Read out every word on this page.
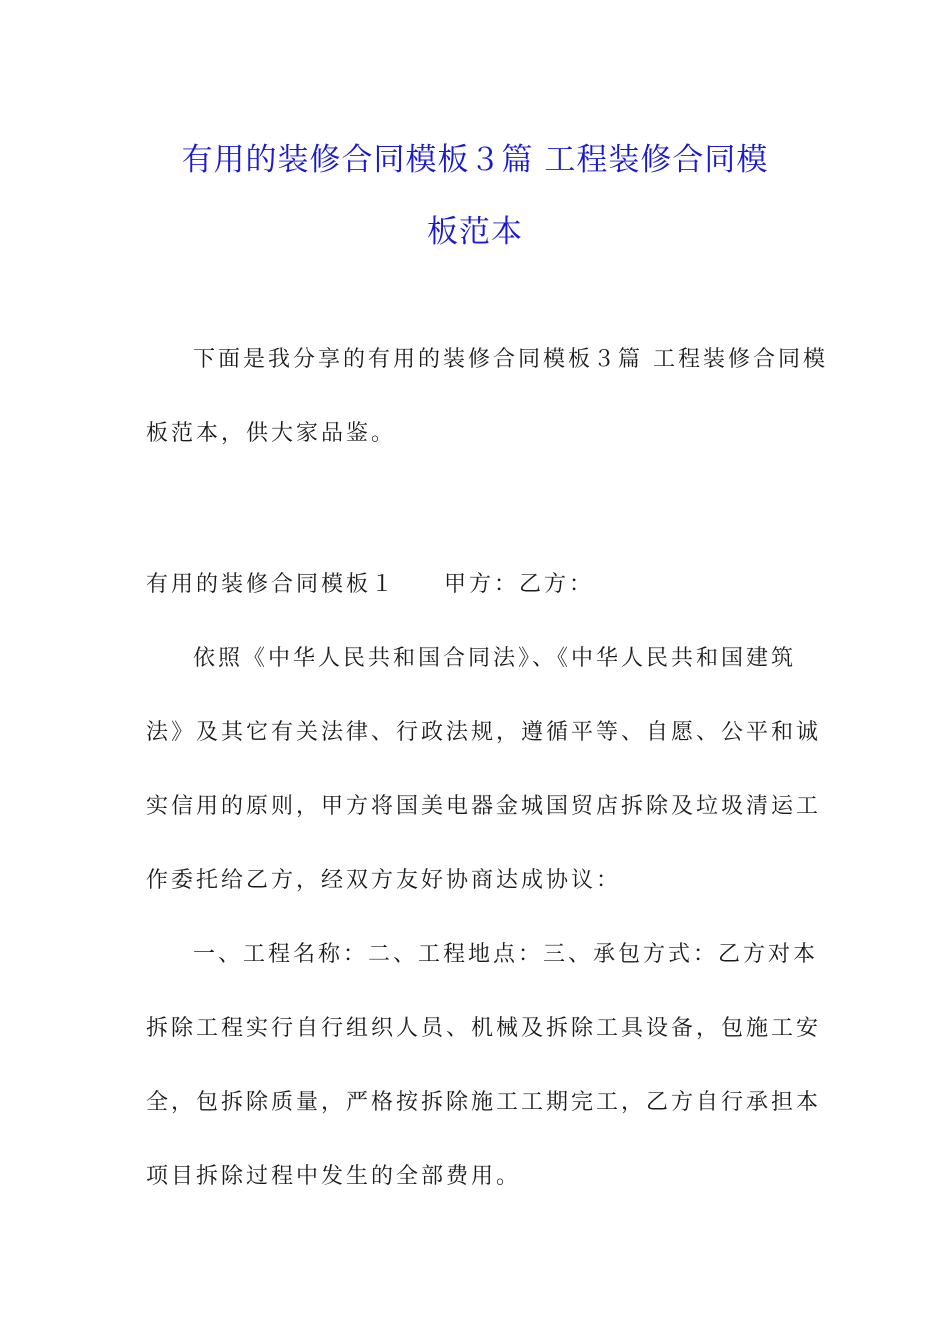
有用的装修合同模板３篇 工程装修合同模
板范本
下面是我分享的有用的装修合同模板３篇 工程装修合同模
板范本，供大家品鉴。
有用的装修合同模板１ 甲方：乙方：
依照《中华人民共和国合同法》、《中华人民共和国建筑
法》及其它有关法律、行政法规，遵循平等、自愿、公平和诚
实信用的原则，甲方将国美电器金城国贸店拆除及垃圾清运工
作委托给乙方，经双方友好协商达成协议：
一、工程名称：二、工程地点：三、承包方式：乙方对本
拆除工程实行自行组织人员、机械及拆除工具设备，包施工安
全，包拆除质量，严格按拆除施工工期完工，乙方自行承担本
项目拆除过程中发生的全部费用。
